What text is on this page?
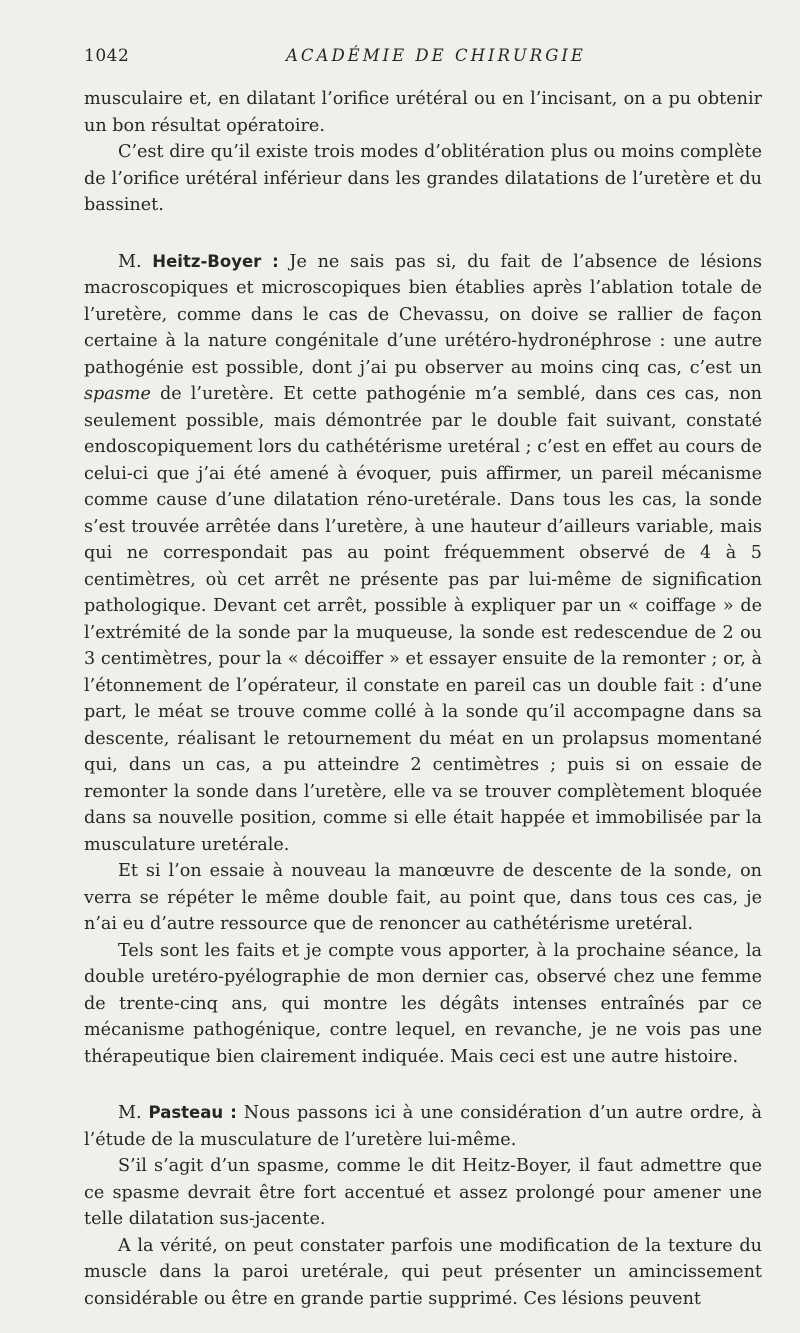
1042	ACADÉMIE DE CHIRURGIE

musculaire et, en dilatant l’orifice urétéral ou en l’incisant, on a pu obtenir un bon résultat opératoire.

C’est dire qu’il existe trois modes d’oblitération plus ou moins complète de l’orifice urétéral inférieur dans les grandes dilatations de l’uretère et du bassinet.

M. Heitz-Boyer : Je ne sais pas si, du fait de l’absence de lésions macroscopiques et microscopiques bien établies après l’ablation totale de l’uretère, comme dans le cas de Chevassu, on doive se rallier de façon certaine à la nature congénitale d’une urétéro-hydronéphrose : une autre pathogénie est possible, dont j’ai pu observer au moins cinq cas, c’est un spasme de l’uretère. Et cette pathogénie m’a semblé, dans ces cas, non seulement possible, mais démontrée par le double fait suivant, constaté endoscopiquement lors du cathétérisme uretéral ; c’est en effet au cours de celui-ci que j’ai été amené à évoquer, puis affirmer, un pareil mécanisme comme cause d’une dilatation réno-uretérale. Dans tous les cas, la sonde s’est trouvée arrêtée dans l’uretère, à une hauteur d’ailleurs variable, mais qui ne correspondait pas au point fréquemment observé de 4 à 5 centimètres, où cet arrêt ne présente pas par lui-même de signification pathologique. Devant cet arrêt, possible à expliquer par un « coiffage » de l’extrémité de la sonde par la muqueuse, la sonde est redescendue de 2 ou 3 centimètres, pour la « décoiffer » et essayer ensuite de la remonter ; or, à l’étonnement de l’opérateur, il constate en pareil cas un double fait : d’une part, le méat se trouve comme collé à la sonde qu’il accompagne dans sa descente, réalisant le retournement du méat en un prolapsus momentané qui, dans un cas, a pu atteindre 2 centimètres ; puis si on essaie de remonter la sonde dans l’uretère, elle va se trouver complètement bloquée dans sa nouvelle position, comme si elle était happée et immobilisée par la musculature uretérale.

Et si l’on essaie à nouveau la manœuvre de descente de la sonde, on verra se répéter le même double fait, au point que, dans tous ces cas, je n’ai eu d’autre ressource que de renoncer au cathétérisme uretéral.

Tels sont les faits et je compte vous apporter, à la prochaine séance, la double uretéro-pyélographie de mon dernier cas, observé chez une femme de trente-cinq ans, qui montre les dégâts intenses entraînés par ce mécanisme pathogénique, contre lequel, en revanche, je ne vois pas une thérapeutique bien clairement indiquée. Mais ceci est une autre histoire.

M. Pasteau : Nous passons ici à une considération d’un autre ordre, à l’étude de la musculature de l’uretère lui-même.

S’il s’agit d’un spasme, comme le dit Heitz-Boyer, il faut admettre que ce spasme devrait être fort accentué et assez prolongé pour amener une telle dilatation sus-jacente.

A la vérité, on peut constater parfois une modification de la texture du muscle dans la paroi uretérale, qui peut présenter un amincissement considérable ou être en grande partie supprimé. Ces lésions peuvent
